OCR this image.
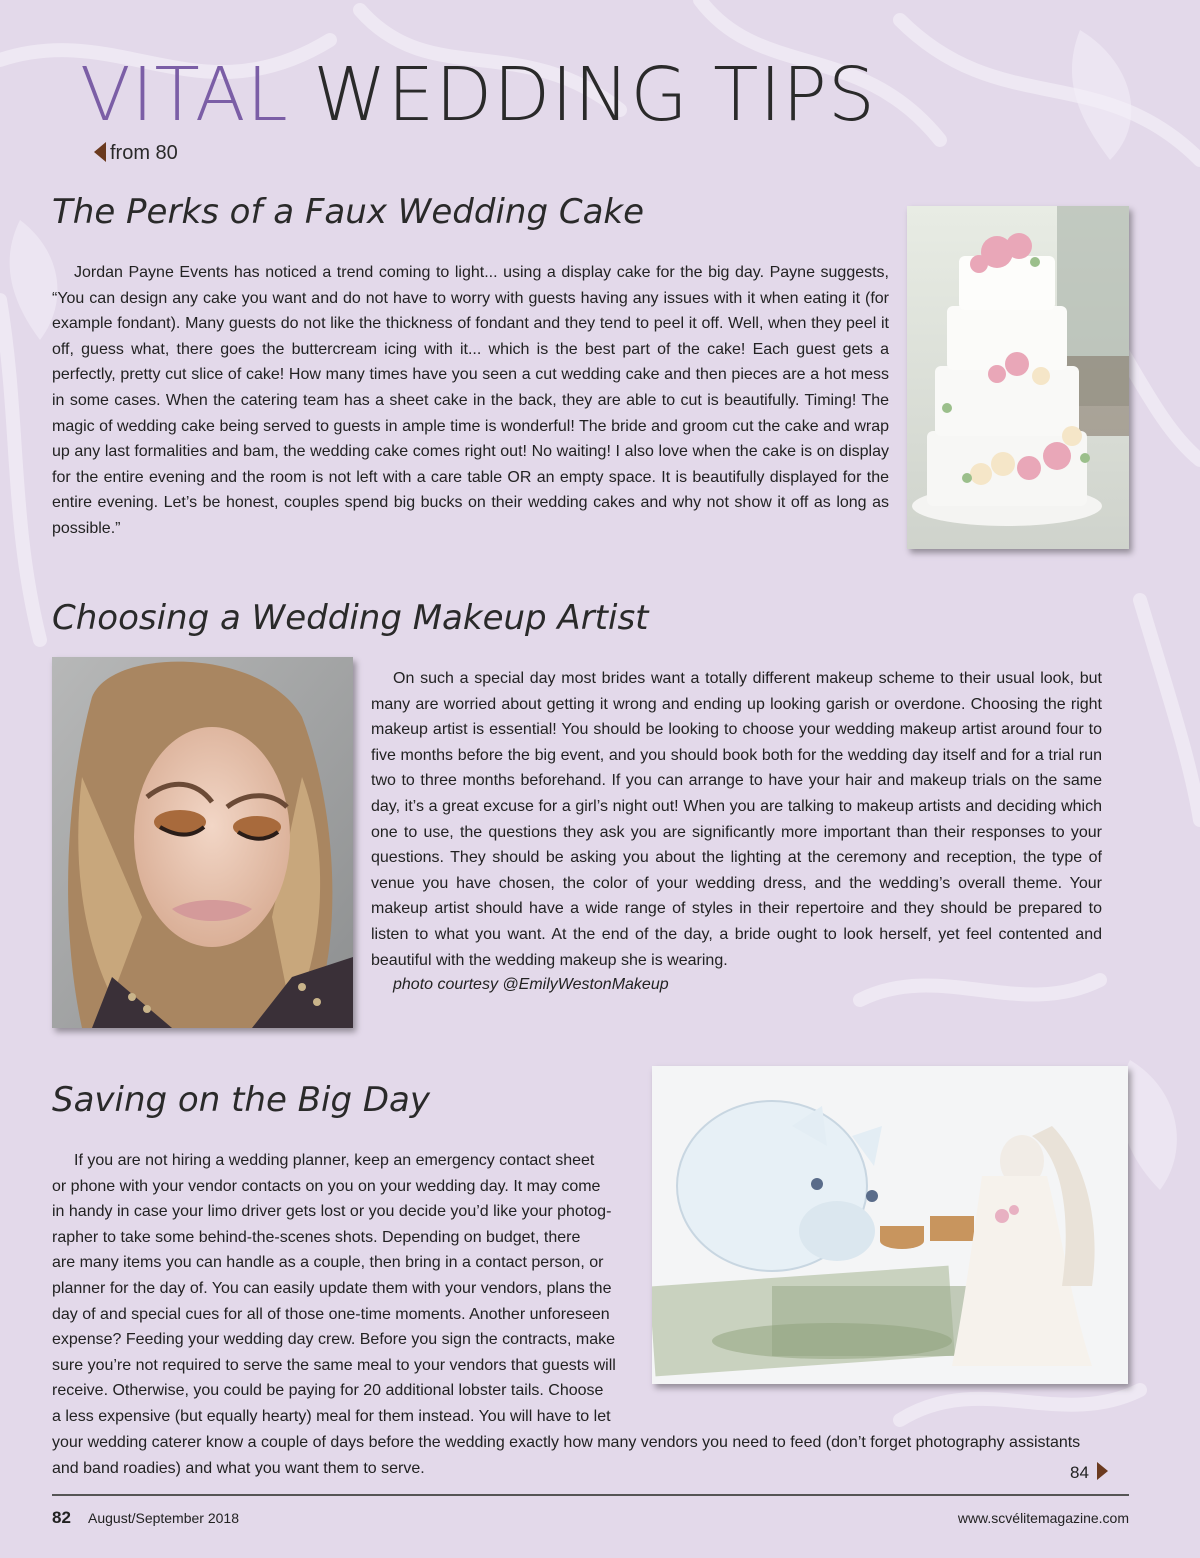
VITAL WEDDING TIPS
from 80
The Perks of a Faux Wedding Cake

Jordan Payne Events has noticed a trend coming to light... using a display cake for the big day. Payne suggests, “You can design any cake you want and do not have to worry with guests having any issues with it when eating it (for example fondant). Many guests do not like the thickness of fondant and they tend to peel it off. Well, when they peel it off, guess what, there goes the buttercream icing with it... which is the best part of the cake! Each guest gets a perfectly, pretty cut slice of cake! How many times have you seen a cut wedding cake and then pieces are a hot mess in some cases. When the catering team has a sheet cake in the back, they are able to cut is beautifully. Timing! The magic of wedding cake being served to guests in ample time is wonderful! The bride and groom cut the cake and wrap up any last formalities and bam, the wedding cake comes right out! No waiting! I also love when the cake is on display for the entire evening and the room is not left with a care table OR an empty space. It is beautifully displayed for the entire evening. Let’s be honest, couples spend big bucks on their wedding cakes and why not show it off as long as possible.”

Choosing a Wedding Makeup Artist

On such a special day most brides want a totally different makeup scheme to their usual look, but many are worried about getting it wrong and ending up looking garish or overdone. Choosing the right makeup artist is essential! You should be looking to choose your wedding makeup artist around four to five months before the big event, and you should book both for the wedding day itself and for a trial run two to three months beforehand. If you can arrange to have your hair and makeup trials on the same day, it’s a great excuse for a girl’s night out! When you are talking to makeup artists and deciding which one to use, the questions they ask you are significantly more important than their responses to your questions. They should be asking you about the lighting at the ceremony and reception, the type of venue you have chosen, the color of your wedding dress, and the wedding’s overall theme. Your makeup artist should have a wide range of styles in their repertoire and they should be prepared to listen to what you want. At the end of the day, a bride ought to look herself, yet feel contented and beautiful with the wedding makeup she is wearing.

photo courtesy @EmilyWestonMakeup
Saving on the Big Day
If you are not hiring a wedding planner, keep an emergency contact sheet
or phone with your vendor contacts on you on your wedding day. It may come
in handy in case your limo driver gets lost or you decide you’d like your photog-
rapher to take some behind-the-scenes shots. Depending on budget, there
are many items you can handle as a couple, then bring in a contact person, or
planner for the day of. You can easily update them with your vendors, plans the
day of and special cues for all of those one-time moments. Another unforeseen
expense? Feeding your wedding day crew. Before you sign the contracts, make
sure you’re not required to serve the same meal to your vendors that guests will
receive. Otherwise, you could be paying for 20 additional lobster tails. Choose
a less expensive (but equally hearty) meal for them instead. You will have to let
your wedding caterer know a couple of days before the wedding exactly how many vendors you need to feed (don’t forget photography assistants and band roadies) and what you want them to serve.	84
82 August/September 2018	www.scvélitemagazine.com
